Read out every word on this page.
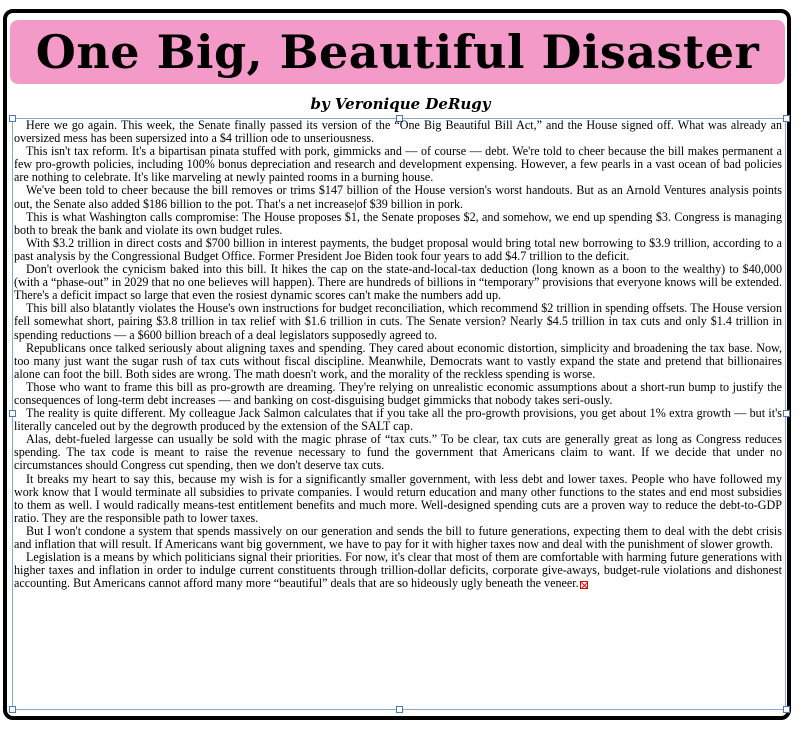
One Big, Beautiful Disaster
by Veronique DeRugy

Here we go again. This week, the Senate finally passed its version of the “One Big Beautiful Bill Act,” and the House signed off. What was already an oversized mess has been supersized into a $4 trillion ode to unseriousness.

This isn't tax reform. It's a bipartisan pinata stuffed with pork, gimmicks and — of course — debt. We're told to cheer because the bill makes permanent a few pro-growth policies, including 100% bonus depreciation and research and development expensing. However, a few pearls in a vast ocean of bad policies are nothing to celebrate. It's like marveling at newly painted rooms in a burning house.

We've been told to cheer because the bill removes or trims $147 billion of the House version's worst handouts. But as an Arnold Ventures analysis points out, the Senate also added $186 billion to the pot. That's a net increase|of $39 billion in pork.

This is what Washington calls compromise: The House proposes $1, the Senate proposes $2, and somehow, we end up spending $3. Congress is managing both to break the bank and violate its own budget rules.

With $3.2 trillion in direct costs and $700 billion in interest payments, the budget proposal would bring total new borrowing to $3.9 trillion, according to a past analysis by the Congressional Budget Office. Former President Joe Biden took four years to add $4.7 trillion to the deficit.

Don't overlook the cynicism baked into this bill. It hikes the cap on the state-and-local-tax deduction (long known as a boon to the wealthy) to $40,000 (with a “phase-out” in 2029 that no one believes will happen). There are hundreds of billions in “temporary” provisions that everyone knows will be extended. There's a deficit impact so large that even the rosiest dynamic scores can't make the numbers add up.

This bill also blatantly violates the House's own instructions for budget reconciliation, which recommend $2 trillion in spending offsets. The House version fell somewhat short, pairing $3.8 trillion in tax relief with $1.6 trillion in cuts. The Senate version? Nearly $4.5 trillion in tax cuts and only $1.4 trillion in spending reductions — a $600 billion breach of a deal legislators supposedly agreed to.

Republicans once talked seriously about aligning taxes and spending. They cared about economic distortion, simplicity and broadening the tax base. Now, too many just want the sugar rush of tax cuts without fiscal discipline. Meanwhile, Democrats want to vastly expand the state and pretend that billionaires alone can foot the bill. Both sides are wrong. The math doesn't work, and the morality of the reckless spending is worse.

Those who want to frame this bill as pro-growth are dreaming. They're relying on unrealistic economic assumptions about a short-run bump to justify the consequences of long-term debt increases — and banking on cost-disguising budget gimmicks that nobody takes seri-ously.

The reality is quite different. My colleague Jack Salmon calculates that if you take all the pro-growth provisions, you get about 1% extra growth — but it's literally canceled out by the degrowth produced by the extension of the SALT cap.

Alas, debt-fueled largesse can usually be sold with the magic phrase of “tax cuts.” To be clear, tax cuts are generally great as long as Congress reduces spending. The tax code is meant to raise the revenue necessary to fund the government that Americans claim to want. If we decide that under no circumstances should Congress cut spending, then we don't deserve tax cuts.

It breaks my heart to say this, because my wish is for a significantly smaller government, with less debt and lower taxes. People who have followed my work know that I would terminate all subsidies to private companies. I would return education and many other functions to the states and end most subsidies to them as well. I would radically means-test entitlement benefits and much more. Well-designed spending cuts are a proven way to reduce the debt-to-GDP ratio. They are the responsible path to lower taxes.

But I won't condone a system that spends massively on our generation and sends the bill to future generations, expecting them to deal with the debt crisis and inflation that will result. If Americans want big government, we have to pay for it with higher taxes now and deal with the punishment of slower growth.

Legislation is a means by which politicians signal their priorities. For now, it's clear that most of them are comfortable with harming future generations with higher taxes and inflation in order to indulge current constituents through trillion-dollar deficits, corporate give-aways, budget-rule violations and dishonest accounting. But Americans cannot afford many more “beautiful” deals that are so hideously ugly beneath the veneer.
